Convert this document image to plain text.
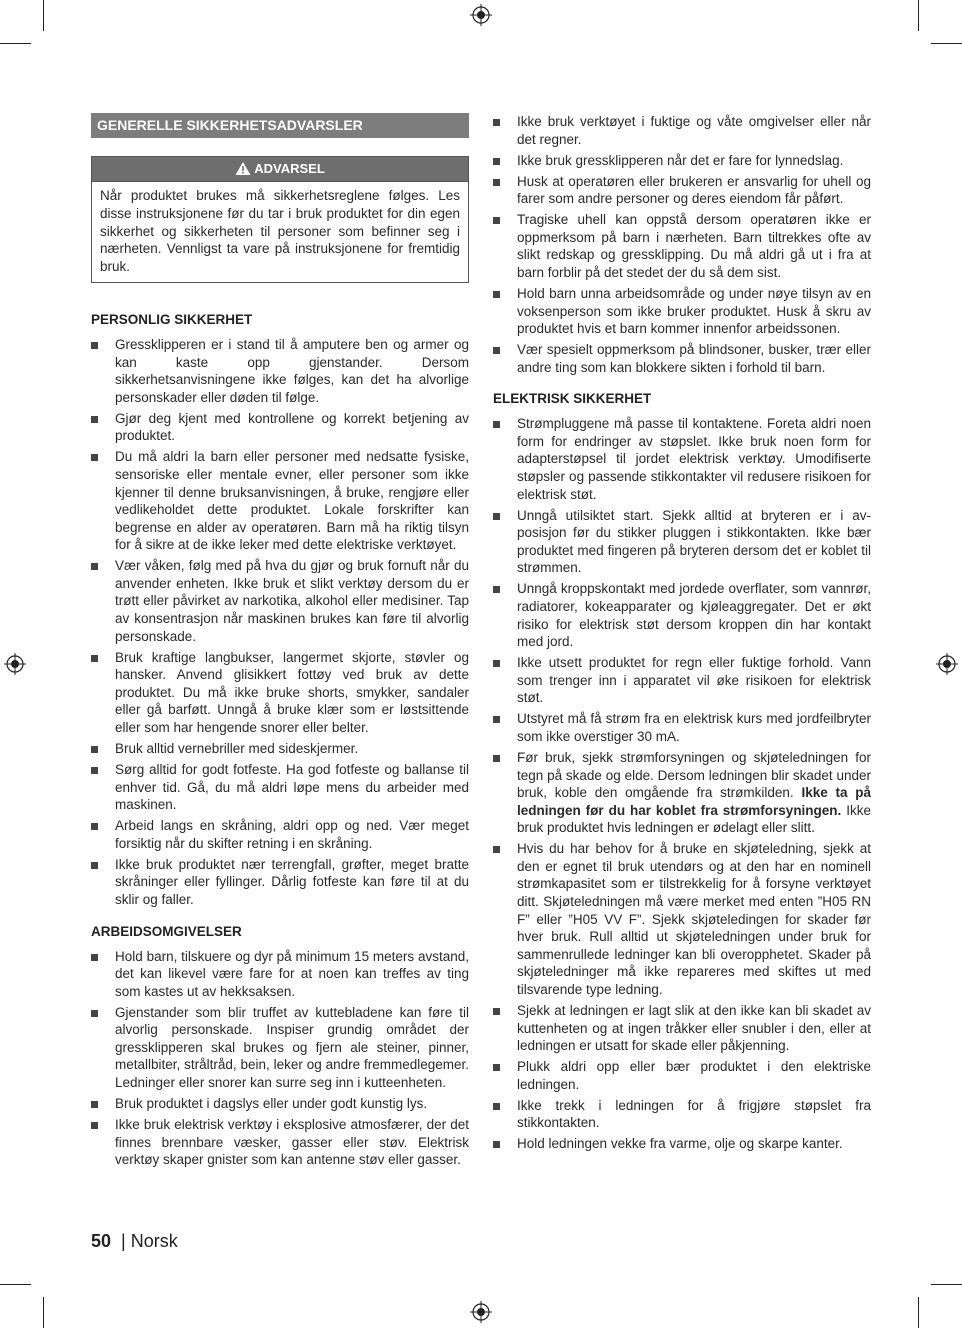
GENERELLE SIKKERHETSADVARSLER
ADVARSEL
Når produktet brukes må sikkerhetsreglene følges. Les disse instruksjonene før du tar i bruk produktet for din egen sikkerhet og sikkerheten til personer som befinner seg i nærheten. Vennligst ta vare på instruksjonene for fremtidig bruk.
PERSONLIG SIKKERHET
Gressklipperen er i stand til å amputere ben og armer og kan kaste opp gjenstander. Dersom sikkerhetsanvisningene ikke følges, kan det ha alvorlige personskader eller døden til følge.
Gjør deg kjent med kontrollene og korrekt betjening av produktet.
Du må aldri la barn eller personer med nedsatte fysiske, sensoriske eller mentale evner, eller personer som ikke kjenner til denne bruksanvisningen, å bruke, rengjøre eller vedlikeholdet dette produktet. Lokale forskrifter kan begrense en alder av operatøren. Barn må ha riktig tilsyn for å sikre at de ikke leker med dette elektriske verktøyet.
Vær våken, følg med på hva du gjør og bruk fornuft når du anvender enheten. Ikke bruk et slikt verktøy dersom du er trøtt eller påvirket av narkotika, alkohol eller medisiner. Tap av konsentrasjon når maskinen brukes kan føre til alvorlig personskade.
Bruk kraftige langbukser, langermet skjorte, støvler og hansker. Anvend glisikkert fottøy ved bruk av dette produktet. Du må ikke bruke shorts, smykker, sandaler eller gå barføtt. Unngå å bruke klær som er løstsittende eller som har hengende snorer eller belter.
Bruk alltid vernebriller med sideskjermer.
Sørg alltid for godt fotfeste. Ha god fotfeste og ballanse til enhver tid. Gå, du må aldri løpe mens du arbeider med maskinen.
Arbeid langs en skråning, aldri opp og ned. Vær meget forsiktig når du skifter retning i en skråning.
Ikke bruk produktet nær terrengfall, grøfter, meget bratte skråninger eller fyllinger. Dårlig fotfeste kan føre til at du sklir og faller.
ARBEIDSOMGIVELSER
Hold barn, tilskuere og dyr på minimum 15 meters avstand, det kan likevel være fare for at noen kan treffes av ting som kastes ut av hekksaksen.
Gjenstander som blir truffet av kuttebladene kan føre til alvorlig personskade. Inspiser grundig området der gressklipperen skal brukes og fjern ale steiner, pinner, metallbiter, stråltråd, bein, leker og andre fremmedlegemer. Ledninger eller snorer kan surre seg inn i kutteenheten.
Bruk produktet i dagslys eller under godt kunstig lys.
Ikke bruk elektrisk verktøy i eksplosive atmosfærer, der det finnes brennbare væsker, gasser eller støv. Elektrisk verktøy skaper gnister som kan antenne støv eller gasser.
Ikke bruk verktøyet i fuktige og våte omgivelser eller når det regner.
Ikke bruk gressklipperen når det er fare for lynnedslag.
Husk at operatøren eller brukeren er ansvarlig for uhell og farer som andre personer og deres eiendom får påført.
Tragiske uhell kan oppstå dersom operatøren ikke er oppmerksom på barn i nærheten. Barn tiltrekkes ofte av slikt redskap og gressklipping. Du må aldri gå ut i fra at barn forblir på det stedet der du så dem sist.
Hold barn unna arbeidsområde og under nøye tilsyn av en voksenperson som ikke bruker produktet. Husk å skru av produktet hvis et barn kommer innenfor arbeidssonen.
Vær spesielt oppmerksom på blindsoner, busker, trær eller andre ting som kan blokkere sikten i forhold til barn.
ELEKTRISK SIKKERHET
Strømpluggene må passe til kontaktene. Foreta aldri noen form for endringer av støpslet. Ikke bruk noen form for adapterstøpsel til jordet elektrisk verktøy. Umodifiserte støpsler og passende stikkontakter vil redusere risikoen for elektrisk støt.
Unngå utilsiktet start. Sjekk alltid at bryteren er i av-posisjon før du stikker pluggen i stikkontakten. Ikke bær produktet med fingeren på bryteren dersom det er koblet til strømmen.
Unngå kroppskontakt med jordede overflater, som vannrør, radiatorer, kokeapparater og kjøleaggregater. Det er økt risiko for elektrisk støt dersom kroppen din har kontakt med jord.
Ikke utsett produktet for regn eller fuktige forhold. Vann som trenger inn i apparatet vil øke risikoen for elektrisk støt.
Utstyret må få strøm fra en elektrisk kurs med jordfeilbryter som ikke overstiger 30 mA.
Før bruk, sjekk strømforsyningen og skjøteledningen for tegn på skade og elde. Dersom ledningen blir skadet under bruk, koble den omgående fra strømkilden. Ikke ta på ledningen før du har koblet fra strømforsyningen. Ikke bruk produktet hvis ledningen er ødelagt eller slitt.
Hvis du har behov for å bruke en skjøteledning, sjekk at den er egnet til bruk utendørs og at den har en nominell strømkapasitet som er tilstrekkelig for å forsyne verktøyet ditt. Skjøteledningen må være merket med enten ”H05 RN F” eller ”H05 VV F”. Sjekk skjøteledingen for skader før hver bruk. Rull alltid ut skjøteledningen under bruk for sammenrullede ledninger kan bli overopphetet. Skader på skjøteledninger må ikke repareres med skiftes ut med tilsvarende type ledning.
Sjekk at ledningen er lagt slik at den ikke kan bli skadet av kuttenheten og at ingen tråkker eller snubler i den, eller at ledningen er utsatt for skade eller påkjenning.
Plukk aldri opp eller bær produktet i den elektriske ledningen.
Ikke trekk i ledningen for å frigjøre støpslet fra stikkontakten.
Hold ledningen vekke fra varme, olje og skarpe kanter.
50 | Norsk
